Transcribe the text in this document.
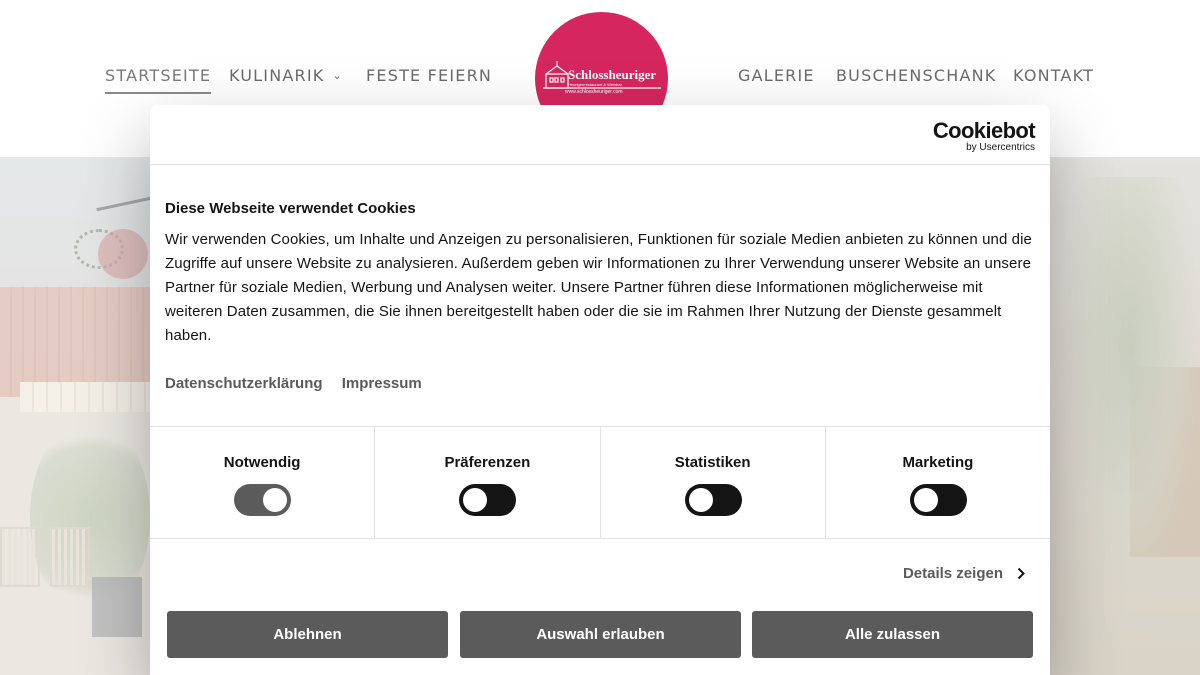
STARTSEITE KULINARIK ⌄ FESTE FEIERN	GALERIE BUSCHENSCHANK KONTAKT
Schlossheuriger
Heurigenrestaurant & Weinbar
www.schlossheuriger.com
Cookiebot
by Usercentrics
Diese Webseite verwendet Cookies
Wir verwenden Cookies, um Inhalte und Anzeigen zu personalisieren, Funktionen für soziale Medien anbieten zu können und die Zugriffe auf unsere Website zu analysieren. Außerdem geben wir Informationen zu Ihrer Verwendung unserer Website an unsere Partner für soziale Medien, Werbung und Analysen weiter. Unsere Partner führen diese Informationen möglicherweise mit weiteren Daten zusammen, die Sie ihnen bereitgestellt haben oder die sie im Rahmen Ihrer Nutzung der Dienste gesammelt haben.
Datenschutzerklärung Impressum
Notwendig	Präferenzen	Statistiken	Marketing
Details zeigen
Ablehnen	Auswahl erlauben	Alle zulassen
